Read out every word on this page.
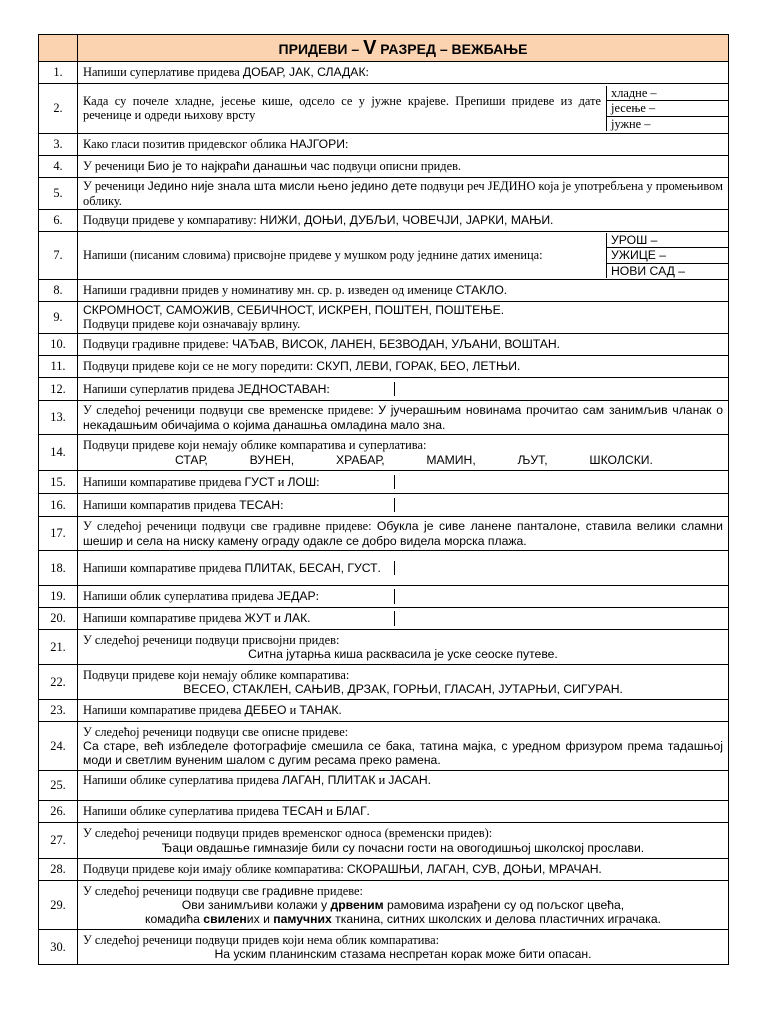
	ПРИДЕВИ – V РАЗРЕД – ВЕЖБАЊЕ
1.	Напиши суперлативе придева ДОБАР, ЈАК, СЛАДАК:
2.	
Када су почеле хладне, јесење кише, одсело се у јужне крајеве. Препиши придеве из дате реченице и одреди њихову врсту	хладне –
јесење –
јужне –

3.	Како гласи позитив придевског облика НАЈГОРИ:
4.	У реченици Био је то најкраћи данашњи час подвуци описни придев.
5.	У реченици Једино није знала шта мисли њено једино дете подвуци реч ЈЕДИНО која је употребљена у промењивом облику.
6.	Подвуци придеве у компаративу: НИЖИ, ДОЊИ, ДУБЉИ, ЧОВЕЧЈИ, ЈАРКИ, МАЊИ.
7.	Напиши (писаним словима) присвојне придеве у мушком роду једнине датих именица:	УРОШ –
УЖИЦЕ –
НОВИ САД –

8.	Напиши градивни придев у номинативу мн. ср. р. изведен од именице СТАКЛО.
9.	
СКРОМНОСТ, САМОЖИВ, СЕБИЧНОСТ, ИСКРЕН, ПОШТЕН, ПОШТЕЊЕ.
Подвуци придеве који означавају врлину.

10.	Подвуци градивне придеве: ЧАЂАВ, ВИСОК, ЛАНЕН, БЕЗВОДАН, УЉАНИ, ВОШТАН.
11.	Подвуци придеве који се не могу поредити: СКУП, ЛЕВИ, ГОРАК, БЕО, ЛЕТЊИ.
12.	Напиши суперлатив придева ЈЕДНОСТАВАН:	

13.	У следећој реченици подвуци све временске придеве: У јучерашњим новинама прочитао сам занимљив чланак о некадашњим обичајима о којима данашња омладина мало зна.
14.	
Подвуци придеве који немају облике компаратива и суперлатива:
СТАР,	ВУНЕН,	ХРАБАР,	МАМИН,	ЉУТ,	ШКОЛСКИ.

15.	Напиши компаративе придева ГУСТ и ЛОШ:	

16.	Напиши компаратив придева ТЕСАН:	

17.	У следећој реченици подвуци све градивне придеве: Обукла је сиве ланене панталоне, ставила велики сламни шешир и села на ниску камену ограду одакле се добро видела морска плажа.
18.	Напиши компаративе придева ПЛИТАК, БЕСАН, ГУСТ.	

19.	Напиши облик суперлатива придева ЈЕДАР:	

20.	Напиши компаративе придева ЖУТ и ЛАК.	

21.	
У следећој реченици подвуци присвојни придев:
Ситна јутарња киша расквасила је уске сеоске путеве.

22.	
Подвуци придеве који немају облике компаратива:
ВЕСЕО, СТАКЛЕН, САЊИВ, ДРЗАК, ГОРЊИ, ГЛАСАН, ЈУТАРЊИ, СИГУРАН.

23.	Напиши компаративе придева ДЕБЕО и ТАНАК.
24.	
У следећој реченици подвуци све описне придеве:
Са старе, већ избледеле фотографије смешила се бака, татина мајка, с уредном фризуром према тадашњој моди и светлим вуненим шалом с дугим ресама преко рамена.

25.	Напиши облике суперлатива придева ЛАГАН, ПЛИТАК и ЈАСАН.
26.	Напиши облике суперлатива придева ТЕСАН и БЛАГ.
27.	
У следећој реченици подвуци придев временског односа (временски придев):
Ђаци овдашње гимназије били су почасни гости на овогодишњој школској прослави.

28.	Подвуци придеве који имају облике компаратива: СКОРАШЊИ, ЛАГАН, СУВ, ДОЊИ, МРАЧАН.
29.	
У следећој реченици подвуци све градивне придеве:
Ови занимљиви колажи у дрвеним рамовима израђени су од пољског цвећа,
комадића свилених и памучних тканина, ситних школских и делова пластичних играчака.

30.	
У следећој реченици подвуци придев који нема облик компаратива:
На уским планинским стазама неспретан корак може бити опасан.
